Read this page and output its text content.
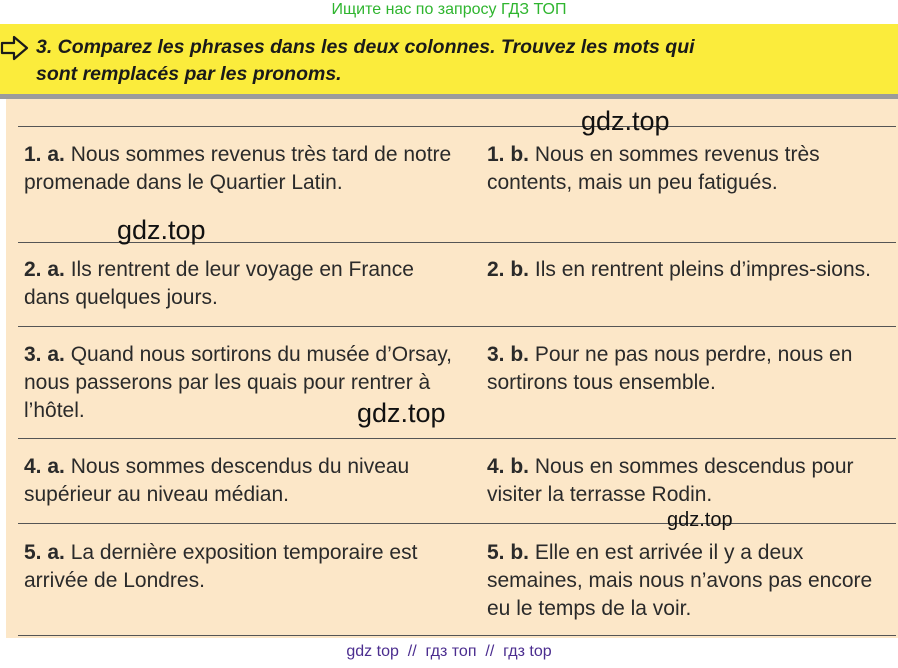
Ищите нас по запросу ГДЗ ТОП
3. Comparez les phrases dans les deux colonnes. Trouvez les mots qui
sont remplacés par les pronoms.
1. a. Nous sommes revenus très tard de notre promenade dans le Quartier Latin.
1. b. Nous en sommes revenus très contents, mais un peu fatigués.
2. a. Ils rentrent de leur voyage en France dans quelques jours.
2. b. Ils en rentrent pleins d’impres-sions.
3. a. Quand nous sortirons du musée d’Orsay, nous passerons par les quais pour rentrer à l’hôtel.
3. b. Pour ne pas nous perdre, nous en sortirons tous ensemble.
4. a. Nous sommes descendus du niveau supérieur au niveau médian.
4. b. Nous en sommes descendus pour visiter la terrasse Rodin.
5. a. La dernière exposition temporaire est arrivée de Londres.
5. b. Elle en est arrivée il y a deux semaines, mais nous n’avons pas encore eu le temps de la voir.
gdz.top
gdz.top
gdz.top
gdz.top
gdz top  //  гдз топ  //  гдз top
